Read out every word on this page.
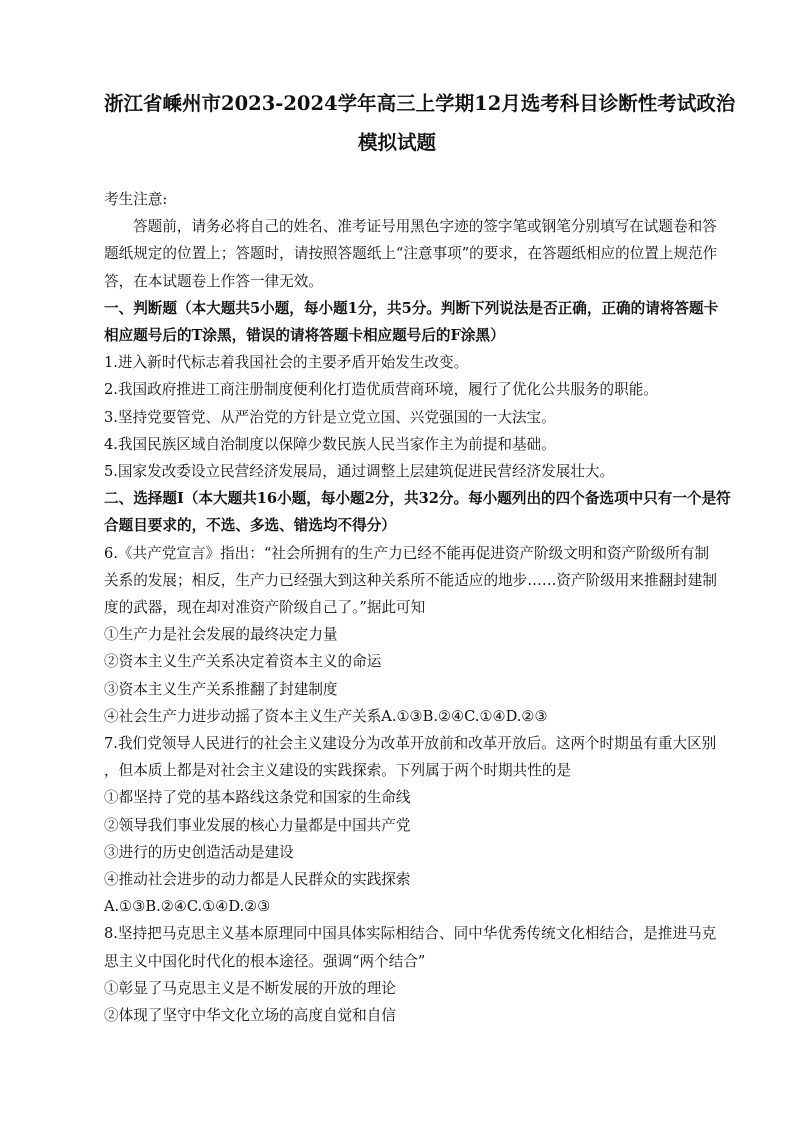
浙江省嵊州市2023-2024学年高三上学期12月选考科目诊断性考试政治
模拟试题
考生注意:
答题前，请务必将自己的姓名、准考证号用黑色字迹的签字笔或钢笔分别填写在试题卷和答
题纸规定的位置上；答题时，请按照答题纸上“注意事项”的要求，在答题纸相应的位置上规范作
答，在本试题卷上作答一律无效。
一、判断题（本大题共5小题，每小题1分，共5分。判断下列说法是否正确，正确的请将答题卡
相应题号后的T涂黑，错误的请将答题卡相应题号后的F涂黑）
1.进入新时代标志着我国社会的主要矛盾开始发生改变。
2.我国政府推进工商注册制度便利化打造优质营商环境，履行了优化公共服务的职能。
3.坚持党要管党、从严治党的方针是立党立国、兴党强国的一大法宝。
4.我国民族区域自治制度以保障少数民族人民当家作主为前提和基础。
5.国家发改委设立民营经济发展局，通过调整上层建筑促进民营经济发展壮大。
二、选择题I（本大题共16小题，每小题2分，共32分。每小题列出的四个备选项中只有一个是符
合题目要求的，不选、多选、错选均不得分）
6.《共产党宣言》指出：“社会所拥有的生产力已经不能再促进资产阶级文明和资产阶级所有制
关系的发展；相反，生产力已经强大到这种关系所不能适应的地步……资产阶级用来推翻封建制
度的武器，现在却对准资产阶级自己了。”据此可知
①生产力是社会发展的最终决定力量
②资本主义生产关系决定着资本主义的命运
③资本主义生产关系推翻了封建制度
④社会生产力进步动摇了资本主义生产关系A.①③B.②④C.①④D.②③
7.我们党领导人民进行的社会主义建设分为改革开放前和改革开放后。这两个时期虽有重大区别
，但本质上都是对社会主义建设的实践探索。下列属于两个时期共性的是
①都坚持了党的基本路线这条党和国家的生命线
②领导我们事业发展的核心力量都是中国共产党
③进行的历史创造活动是建设
④推动社会进步的动力都是人民群众的实践探索
A.①③B.②④C.①④D.②③
8.坚持把马克思主义基本原理同中国具体实际相结合、同中华优秀传统文化相结合，是推进马克
思主义中国化时代化的根本途径。强调“两个结合”
①彰显了马克思主义是不断发展的开放的理论
②体现了坚守中华文化立场的高度自觉和自信
